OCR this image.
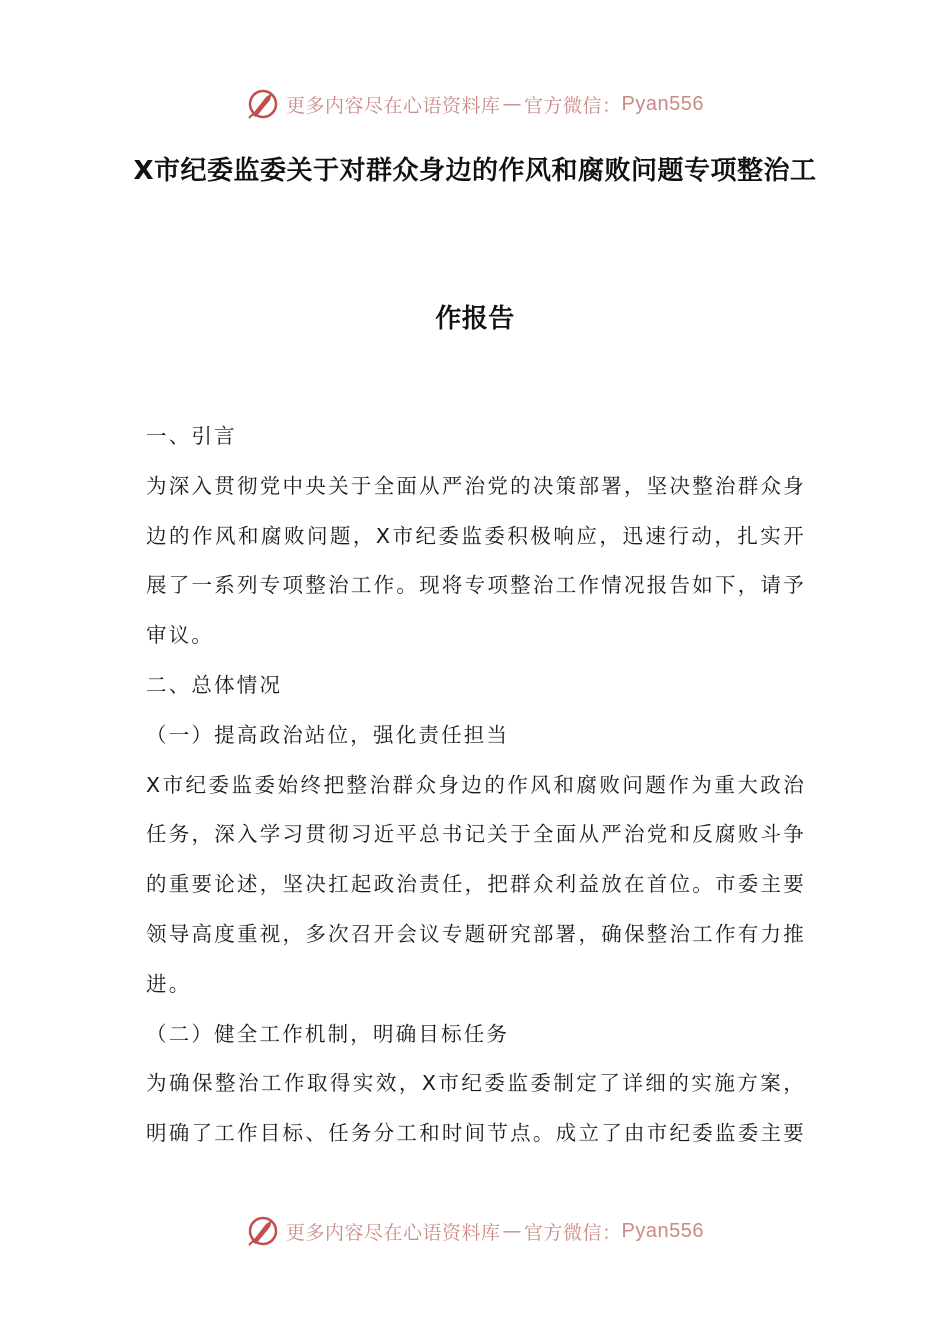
更多内容尽在心语资料库 — 官方微信： Pyan556
X市纪委监委关于对群众身边的作风和腐败问题专项整治工
作报告
一、引言
为深入贯彻党中央关于全面从严治党的决策部署，坚决整治群众身
边的作风和腐败问题，X市纪委监委积极响应，迅速行动，扎实开
展了一系列专项整治工作。现将专项整治工作情况报告如下，请予
审议。
二、总体情况
（一）提高政治站位，强化责任担当
X市纪委监委始终把整治群众身边的作风和腐败问题作为重大政治
任务，深入学习贯彻习近平总书记关于全面从严治党和反腐败斗争
的重要论述，坚决扛起政治责任，把群众利益放在首位。市委主要
领导高度重视，多次召开会议专题研究部署，确保整治工作有力推
进。
（二）健全工作机制，明确目标任务
为确保整治工作取得实效，X市纪委监委制定了详细的实施方案，
明确了工作目标、任务分工和时间节点。成立了由市纪委监委主要
更多内容尽在心语资料库 — 官方微信： Pyan556
